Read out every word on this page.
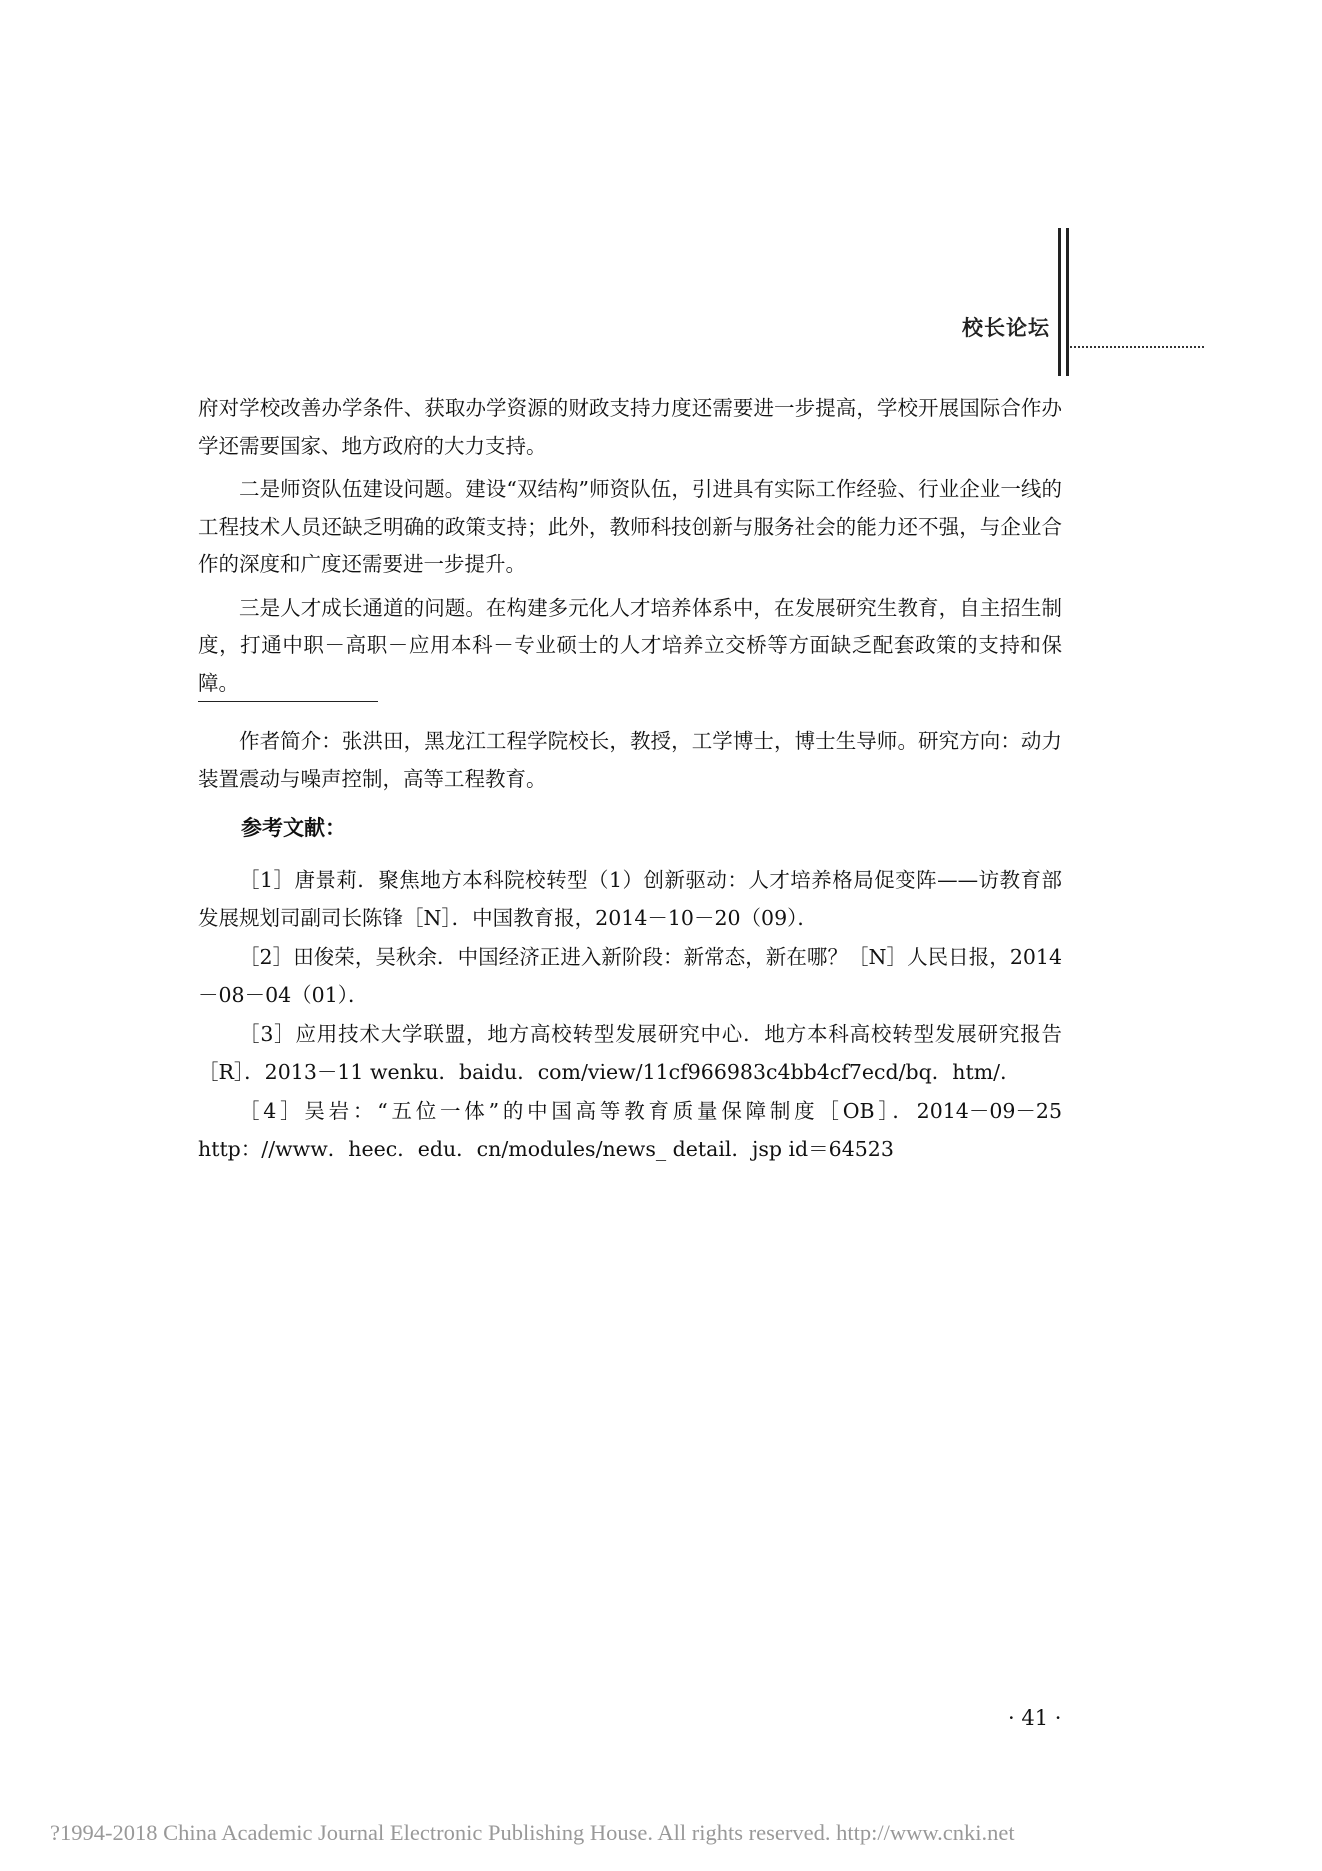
校长论坛

府对学校改善办学条件、获取办学资源的财政支持力度还需要进一步提高，学校开展国际合作办学还需要国家、地方政府的大力支持。

二是师资队伍建设问题。建设“双结构”师资队伍，引进具有实际工作经验、行业企业一线的工程技术人员还缺乏明确的政策支持；此外，教师科技创新与服务社会的能力还不强，与企业合作的深度和广度还需要进一步提升。

三是人才成长通道的问题。在构建多元化人才培养体系中，在发展研究生教育，自主招生制度，打通中职－高职－应用本科－专业硕士的人才培养立交桥等方面缺乏配套政策的支持和保障。

作者简介：张洪田，黑龙江工程学院校长，教授，工学博士，博士生导师。研究方向：动力装置震动与噪声控制，高等工程教育。

参考文献：

［1］唐景莉．聚焦地方本科院校转型（1）创新驱动：人才培养格局促变阵——访教育部发展规划司副司长陈锋［N］．中国教育报，2014－10－20（09）．

［2］田俊荣，吴秋余．中国经济正进入新阶段：新常态，新在哪？［N］人民日报，2014－08－04（01）．

［3］应用技术大学联盟，地方高校转型发展研究中心．地方本科高校转型发展研究报告［R］．2013－11 wenku．baidu．com/view/11cf966983c4bb4cf7ecd/bq．htm/．

［4］吴岩：“五位一体”的中国高等教育质量保障制度［OB］．2014－09－25 http：//www．heec．edu．cn/modules/news_ detail．jsp id＝64523

· 41 ·
?1994-2018 China Academic Journal Electronic Publishing House. All rights reserved. http://www.cnki.net
